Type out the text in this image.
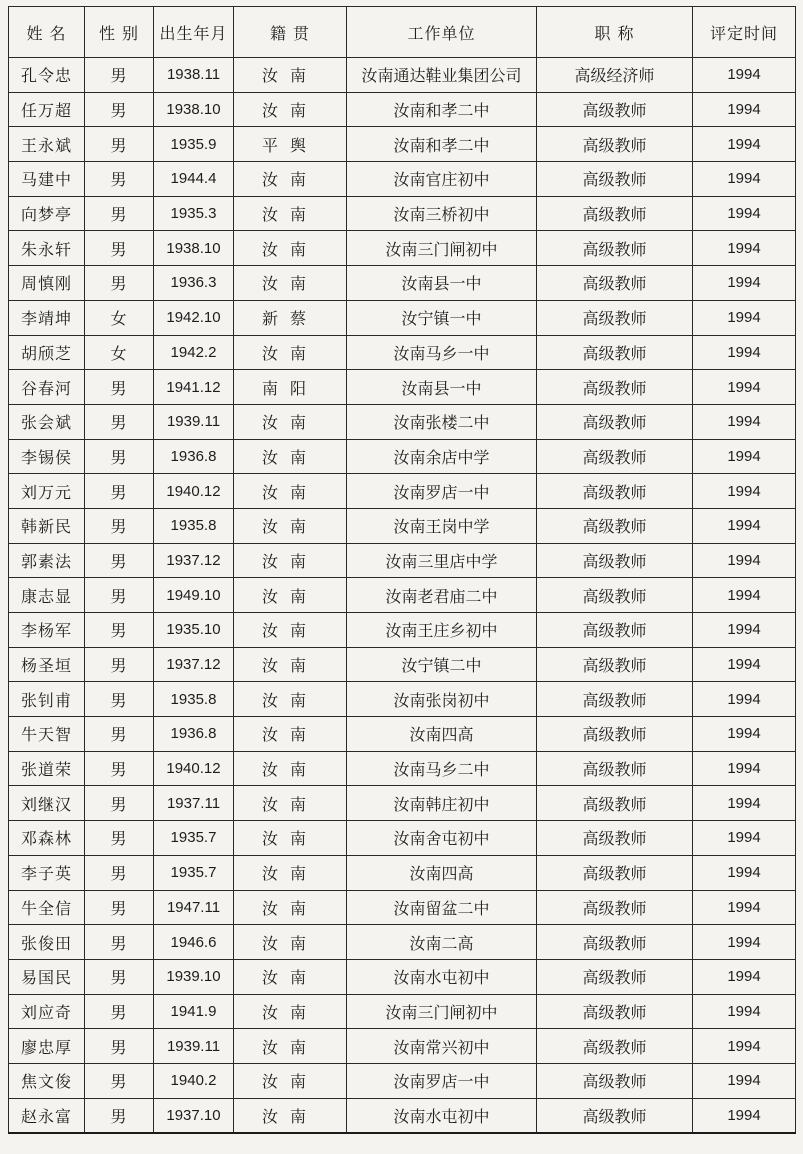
姓 名	性 别	出生年月	籍 贯	工作单位	职 称	评定时间
孔令忠	男	1938.11	汝南	汝南通达鞋业集团公司	高级经济师	1994
任万超	男	1938.10	汝南	汝南和孝二中	高级教师	1994
王永斌	男	1935.9	平舆	汝南和孝二中	高级教师	1994
马建中	男	1944.4	汝南	汝南官庄初中	高级教师	1994
向梦亭	男	1935.3	汝南	汝南三桥初中	高级教师	1994
朱永轩	男	1938.10	汝南	汝南三门闸初中	高级教师	1994
周慎刚	男	1936.3	汝南	汝南县一中	高级教师	1994
李靖坤	女	1942.10	新蔡	汝宁镇一中	高级教师	1994
胡颀芝	女	1942.2	汝南	汝南马乡一中	高级教师	1994
谷春河	男	1941.12	南阳	汝南县一中	高级教师	1994
张会斌	男	1939.11	汝南	汝南张楼二中	高级教师	1994
李锡侯	男	1936.8	汝南	汝南余店中学	高级教师	1994
刘万元	男	1940.12	汝南	汝南罗店一中	高级教师	1994
韩新民	男	1935.8	汝南	汝南王岗中学	高级教师	1994
郭素法	男	1937.12	汝南	汝南三里店中学	高级教师	1994
康志显	男	1949.10	汝南	汝南老君庙二中	高级教师	1994
李杨军	男	1935.10	汝南	汝南王庄乡初中	高级教师	1994
杨圣垣	男	1937.12	汝南	汝宁镇二中	高级教师	1994
张钊甫	男	1935.8	汝南	汝南张岗初中	高级教师	1994
牛天智	男	1936.8	汝南	汝南四高	高级教师	1994
张道荣	男	1940.12	汝南	汝南马乡二中	高级教师	1994
刘继汉	男	1937.11	汝南	汝南韩庄初中	高级教师	1994
邓森林	男	1935.7	汝南	汝南舍屯初中	高级教师	1994
李子英	男	1935.7	汝南	汝南四高	高级教师	1994
牛全信	男	1947.11	汝南	汝南留盆二中	高级教师	1994
张俊田	男	1946.6	汝南	汝南二高	高级教师	1994
易国民	男	1939.10	汝南	汝南水屯初中	高级教师	1994
刘应奇	男	1941.9	汝南	汝南三门闸初中	高级教师	1994
廖忠厚	男	1939.11	汝南	汝南常兴初中	高级教师	1994
焦文俊	男	1940.2	汝南	汝南罗店一中	高级教师	1994
赵永富	男	1937.10	汝南	汝南水屯初中	高级教师	1994
